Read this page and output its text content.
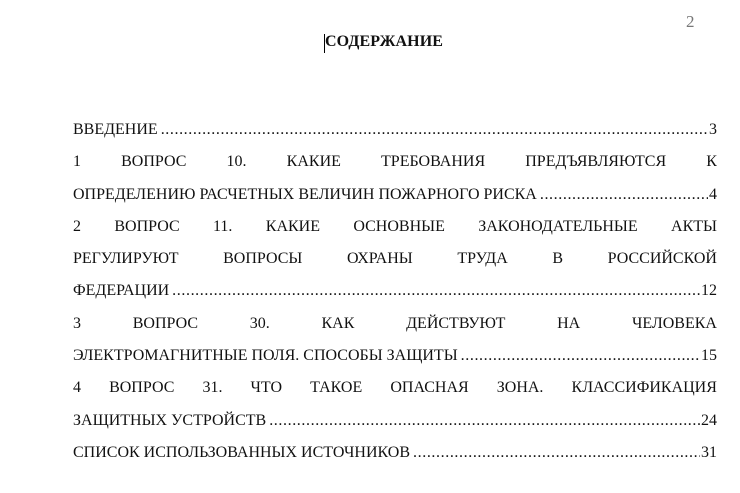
2
СОДЕРЖАНИЕ
ВВЕДЕНИЕ .....	3
1	ВОПРОС	10.	КАКИЕ	ТРЕБОВАНИЯ	ПРЕДЪЯВЛЯЮТСЯ	К
ОПРЕДЕЛЕНИЮ РАСЧЕТНЫХ ВЕЛИЧИН ПОЖАРНОГО РИСКА .....	4
2 ВОПРОС 11. КАКИЕ ОСНОВНЫЕ ЗАКОНОДАТЕЛЬНЫЕ АКТЫ
РЕГУЛИРУЮТ	ВОПРОСЫ	ОХРАНЫ	ТРУДА	В	РОССИЙСКОЙ
ФЕДЕРАЦИИ .....	12
3	ВОПРОС	30.	КАК	ДЕЙСТВУЮТ	НА	ЧЕЛОВЕКА
ЭЛЕКТРОМАГНИТНЫЕ ПОЛЯ. СПОСОБЫ ЗАЩИТЫ .....	15
4 ВОПРОС 31. ЧТО ТАКОЕ ОПАСНАЯ ЗОНА. КЛАССИФИКАЦИЯ
ЗАЩИТНЫХ УСТРОЙСТВ .....	24
СПИСОК ИСПОЛЬЗОВАННЫХ ИСТОЧНИКОВ .....	31
